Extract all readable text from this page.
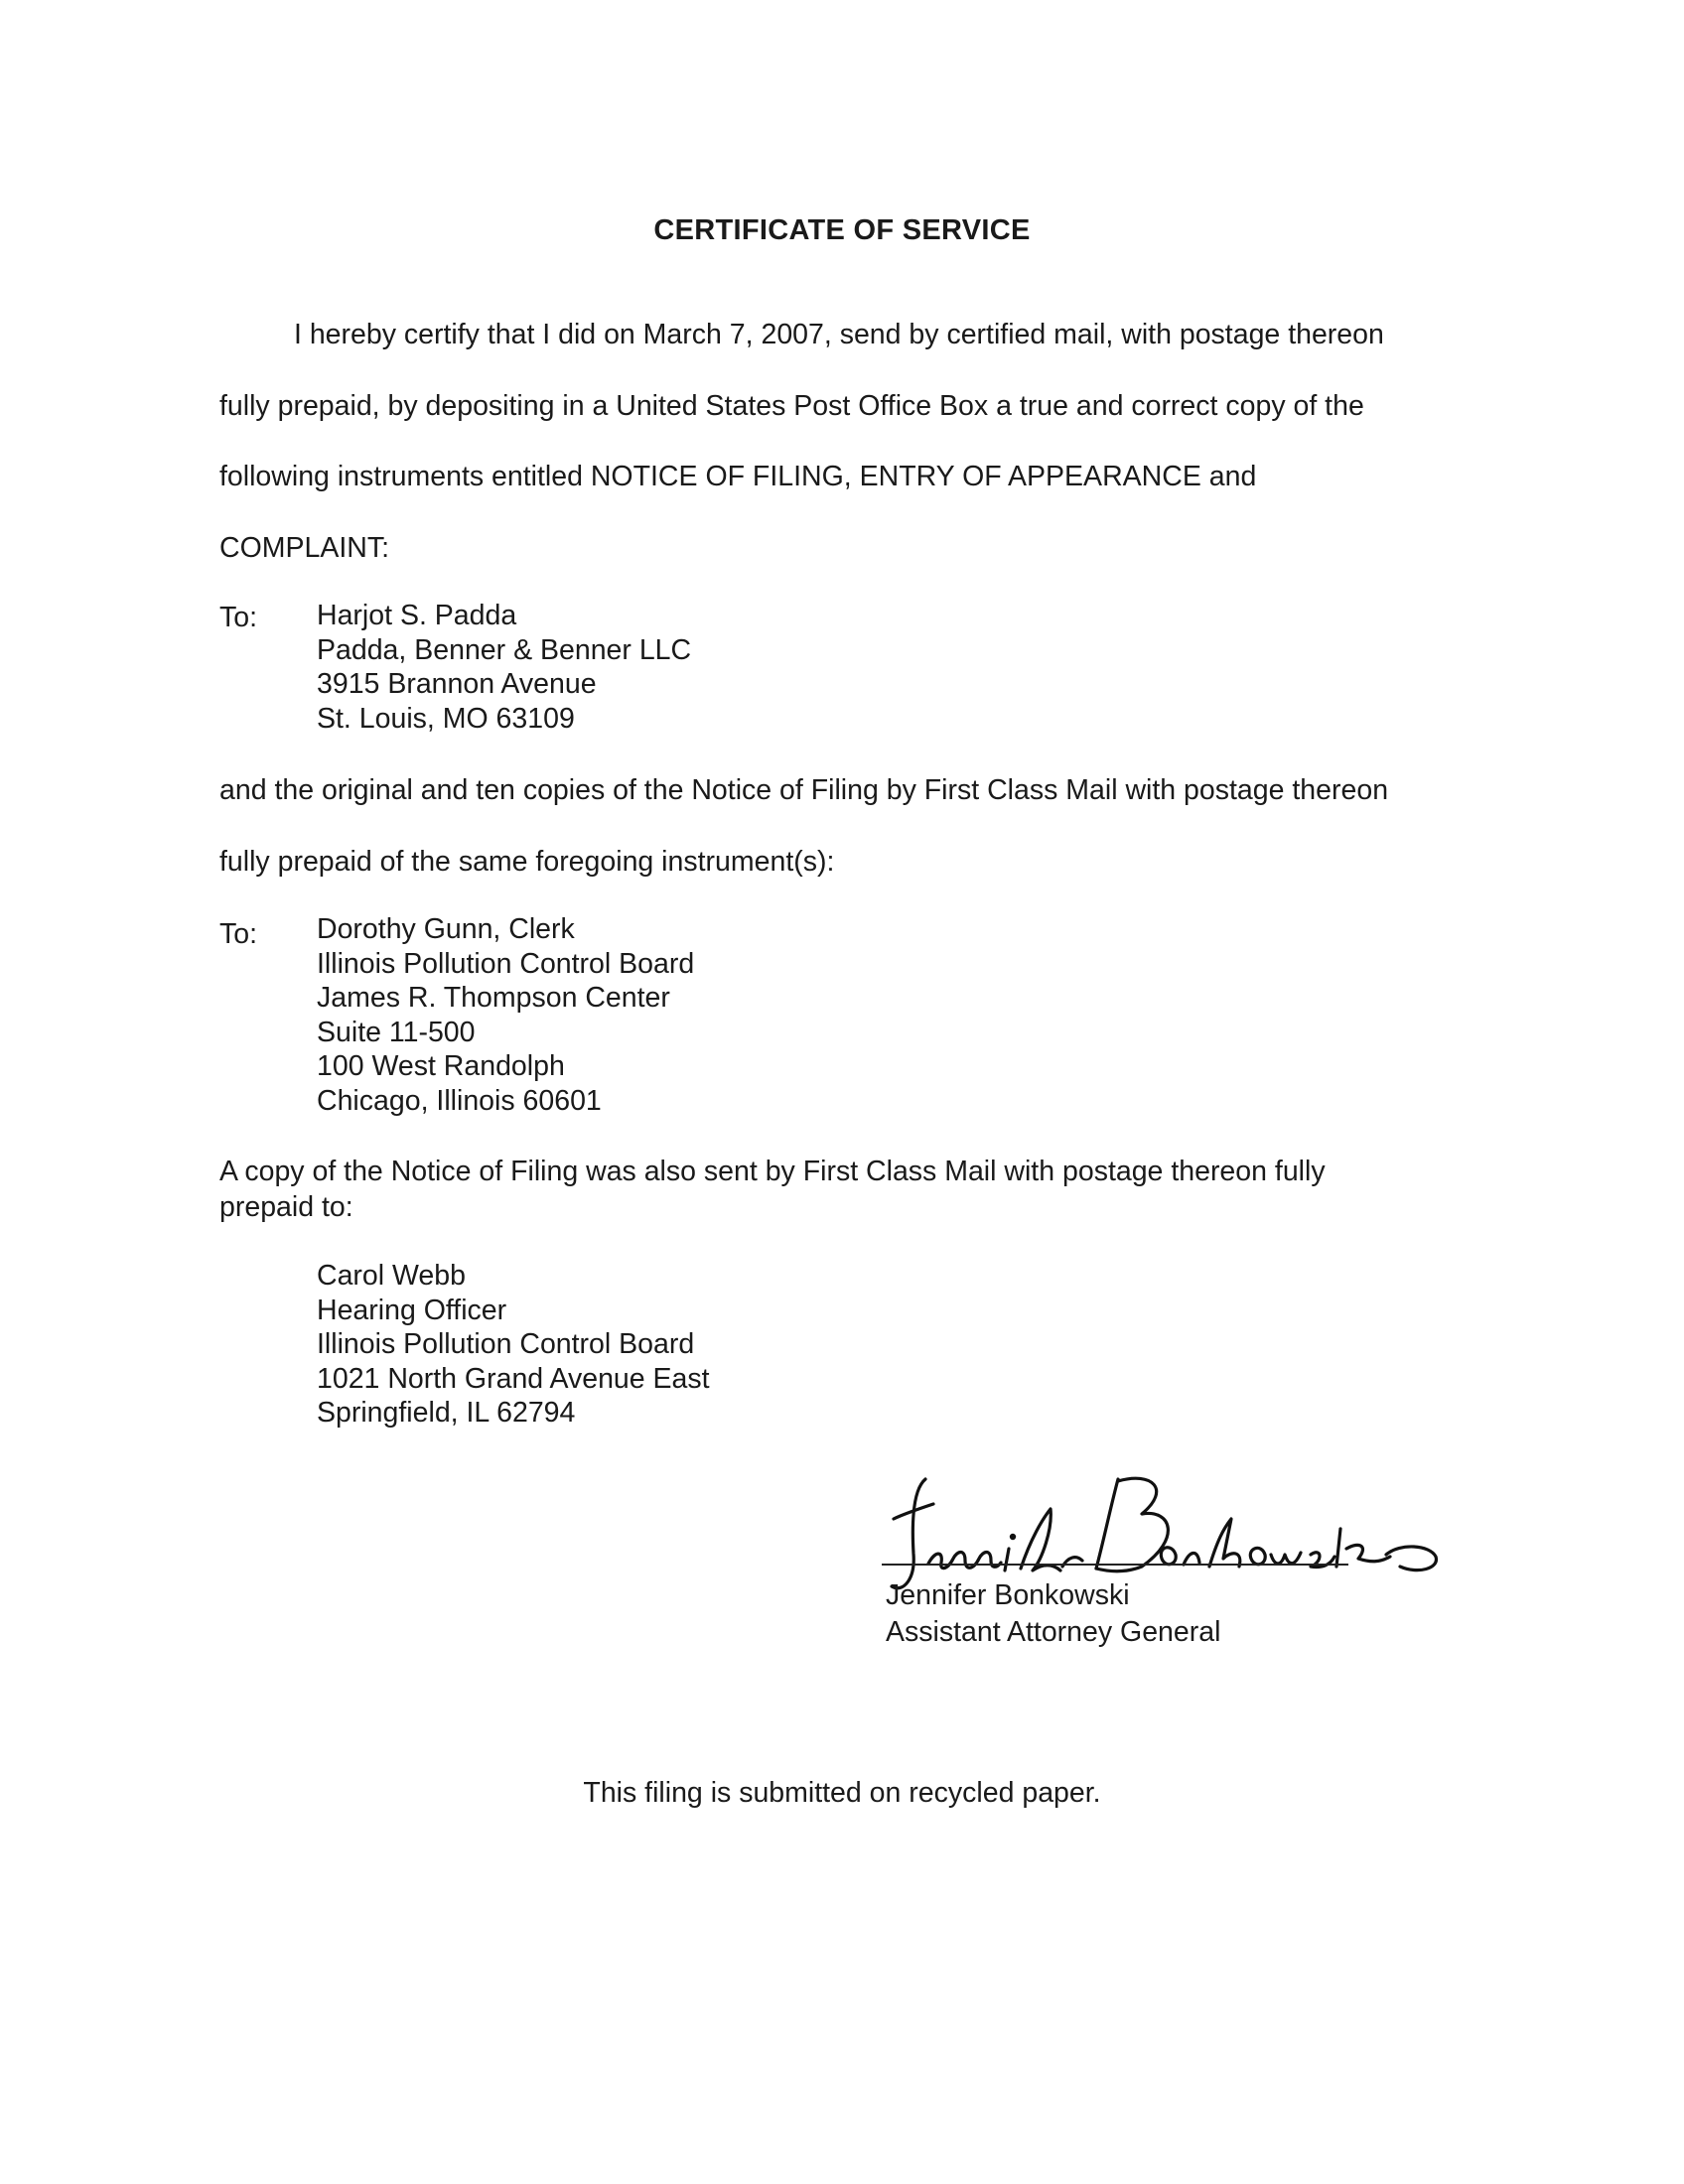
CERTIFICATE OF SERVICE
I hereby certify that I did on March 7, 2007, send by certified mail, with postage thereon
fully prepaid, by depositing in a United States Post Office Box a true and correct copy of the
following instruments entitled NOTICE OF FILING, ENTRY OF APPEARANCE and
COMPLAINT:
To: Harjot S. Padda
Padda, Benner & Benner LLC
3915 Brannon Avenue
St. Louis, MO 63109
and the original and ten copies of the Notice of Filing by First Class Mail with postage thereon
fully prepaid of the same foregoing instrument(s):
To: Dorothy Gunn, Clerk
Illinois Pollution Control Board
James R. Thompson Center
Suite 11-500
100 West Randolph
Chicago, Illinois 60601
A copy of the Notice of Filing was also sent by First Class Mail with postage thereon fully
prepaid to:
Carol Webb
Hearing Officer
Illinois Pollution Control Board
1021 North Grand Avenue East
Springfield, IL 62794
Jennifer Bonkowski
Assistant Attorney General
This filing is submitted on recycled paper.
